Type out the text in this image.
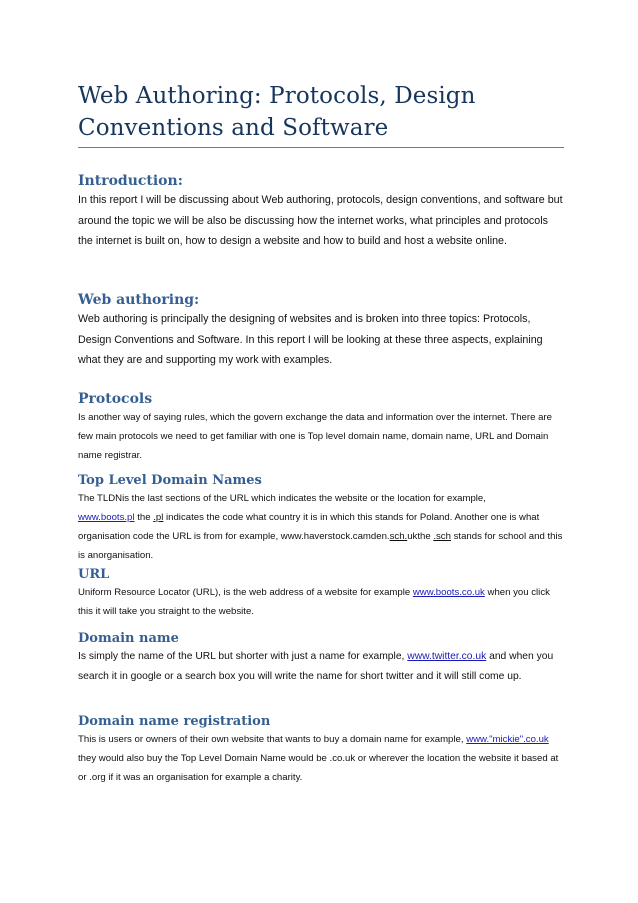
Web Authoring: Protocols, Design
Conventions and Software
Introduction:

In this report I will be discussing about Web authoring, protocols, design conventions, and software but around the topic we will be also be discussing how the internet works, what principles and protocols the internet is built on, how to design a website and how to build and host a website online.

Web authoring:

Web authoring is principally the designing of websites and is broken into three topics: Protocols, Design Conventions and Software. In this report I will be looking at these three aspects, explaining what they are and supporting my work with examples.

Protocols

Is another way of saying rules, which the govern exchange the data and information over the internet. There are few main protocols we need to get familiar with one is Top level domain name, domain name, URL and Domain name registrar.

Top Level Domain Names

The TLDNis the last sections of the URL which indicates the website or the location for example,
www.boots.pl the .pl indicates the code what country it is in which this stands for Poland. Another one is what organisation code the URL is from for example, www.haverstock.camden.sch.ukthe .sch stands for school and this is anorganisation.

URL

Uniform Resource Locator (URL), is the web address of a website for example www.boots.co.uk when you click this it will take you straight to the website.

Domain name

Is simply the name of the URL but shorter with just a name for example, www.twitter.co.uk and when you search it in google or a search box you will write the name for short twitter and it will still come up.

Domain name registration

This is users or owners of their own website that wants to buy a domain name for example, www."mickie".co.uk they would also buy the Top Level Domain Name would be .co.uk or wherever the location the website it based at or .org if it was an organisation for example a charity.
